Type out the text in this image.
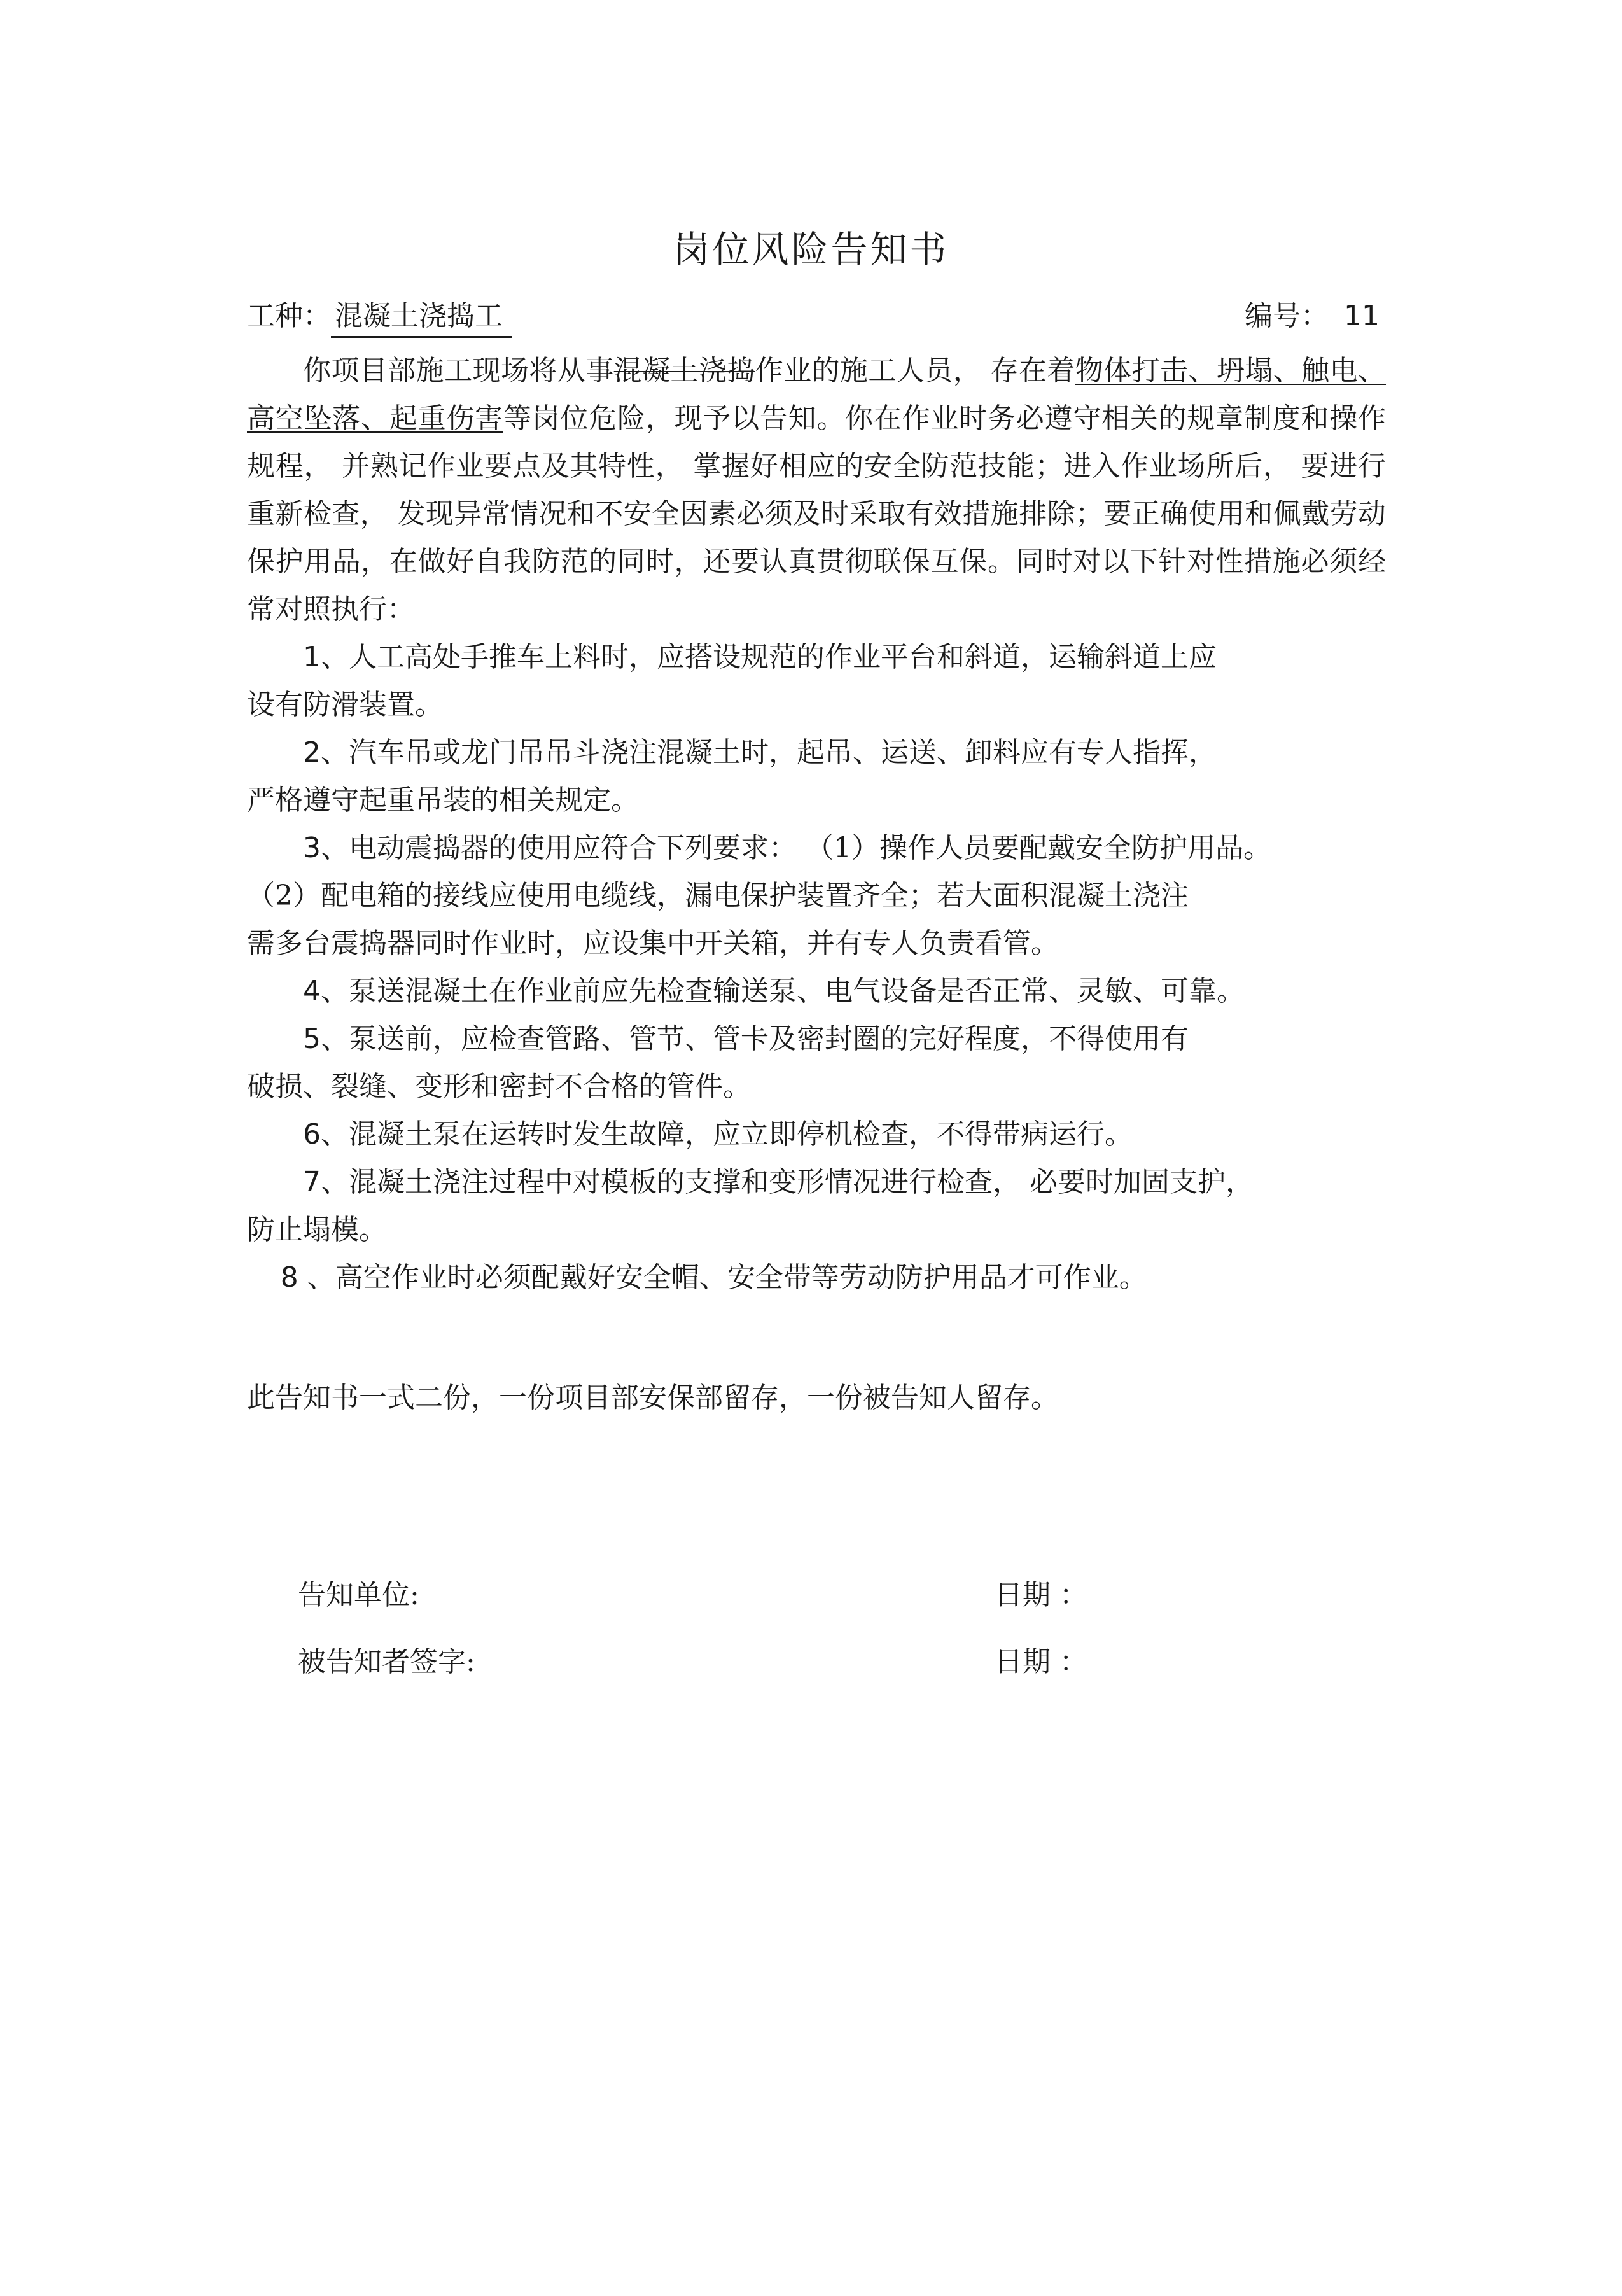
岗位风险告知书
工种： 混凝土浇捣工	编号： 11

你项目部施工现场将从事混凝土浇捣作业的施工人员， 存在着物体打击、坍塌、触电、高空坠落、起重伤害等岗位危险，现予以告知。你在作业时务必遵守相关的规章制度和操作规程， 并熟记作业要点及其特性， 掌握好相应的安全防范技能；进入作业场所后， 要进行重新检查， 发现异常情况和不安全因素必须及时采取有效措施排除；要正确使用和佩戴劳动保护用品，在做好自我防范的同时，还要认真贯彻联保互保。同时对以下针对性措施必须经常对照执行：

1、人工高处手推车上料时，应搭设规范的作业平台和斜道，运输斜道上应
设有防滑装置。
2、汽车吊或龙门吊吊斗浇注混凝土时，起吊、运送、卸料应有专人指挥，
严格遵守起重吊装的相关规定。
3、电动震捣器的使用应符合下列要求： （1）操作人员要配戴安全防护用品。
（2）配电箱的接线应使用电缆线，漏电保护装置齐全；若大面积混凝土浇注
需多台震捣器同时作业时，应设集中开关箱，并有专人负责看管。
4、泵送混凝土在作业前应先检查输送泵、电气设备是否正常、灵敏、可靠。
5、泵送前，应检查管路、管节、管卡及密封圈的完好程度，不得使用有
破损、裂缝、变形和密封不合格的管件。
6、混凝土泵在运转时发生故障，应立即停机检查，不得带病运行。
7、混凝土浇注过程中对模板的支撑和变形情况进行检查， 必要时加固支护，
防止塌模。
8 、高空作业时必须配戴好安全帽、安全带等劳动防护用品才可作业。
此告知书一式二份，一份项目部安保部留存，一份被告知人留存。
告知单位:	日期 ：
被告知者签字:	日期 ：
